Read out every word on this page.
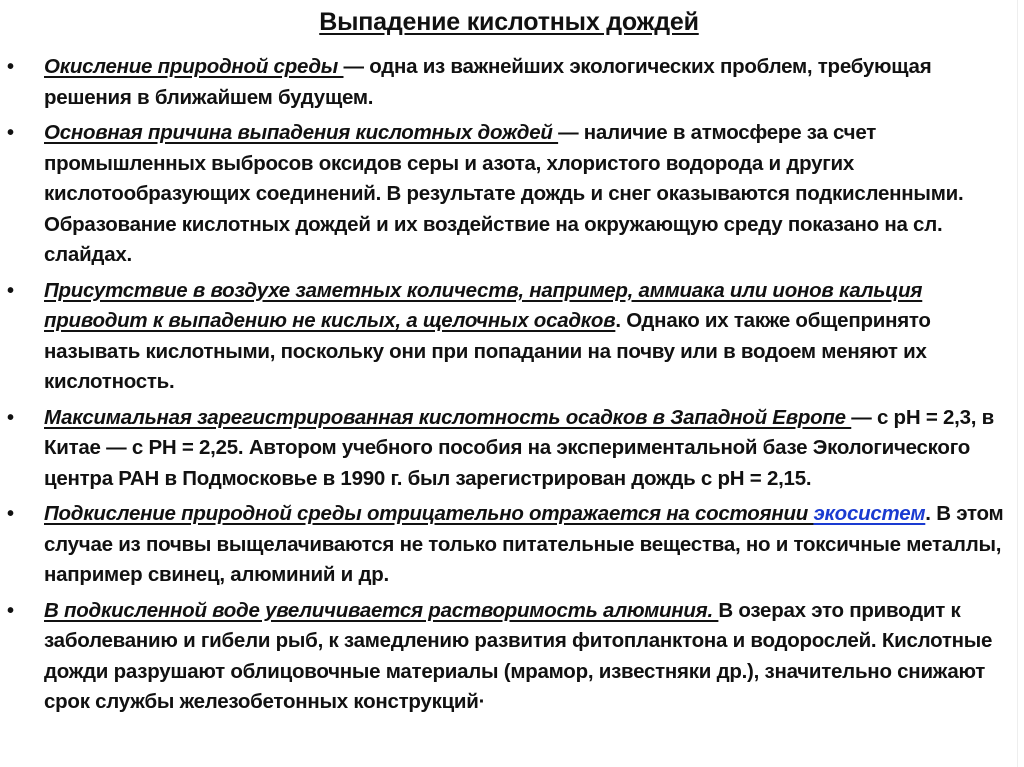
Выпадение кислотных дождей
• Окисление природной среды — одна из важнейших экологических проблем, требующая решения в ближайшем будущем.
• Основная причина выпадения кислотных дождей — наличие в атмосфере за счет промышленных выбросов оксидов серы и азота, хлористого водорода и других кислотообразующих соединений. В результате дождь и снег оказываются подкисленными. Образование кислотных дождей и их воздействие на окружающую среду показано на сл. слайдах.
• Присутствие в воздухе заметных количеств, например, аммиака или ионов кальция приводит к выпадению не кислых, а щелочных осадков. Однако их также общепринято называть кислотными, поскольку они при попадании на почву или в водоем меняют их кислотность.
• Максимальная зарегистрированная кислотность осадков в Западной Европе — с pH = 2,3, в Китае — с PH = 2,25. Автором учебного пособия на экспериментальной базе Экологического центра РАН в Подмосковье в 1990 г. был зарегистрирован дождь с pH = 2,15.
• Подкисление природной среды отрицательно отражается на состоянии экосистем. В этом случае из почвы выщелачиваются не только питательные вещества, но и токсичные металлы, например свинец, алюминий и др.
• В подкисленной воде увеличивается растворимость алюминия. В озерах это приводит к заболеванию и гибели рыб, к замедлению развития фитопланктона и водорослей. Кислотные дожди разрушают облицовочные материалы (мрамор, известняки др.), значительно снижают срок службы железобетонных конструкций·
